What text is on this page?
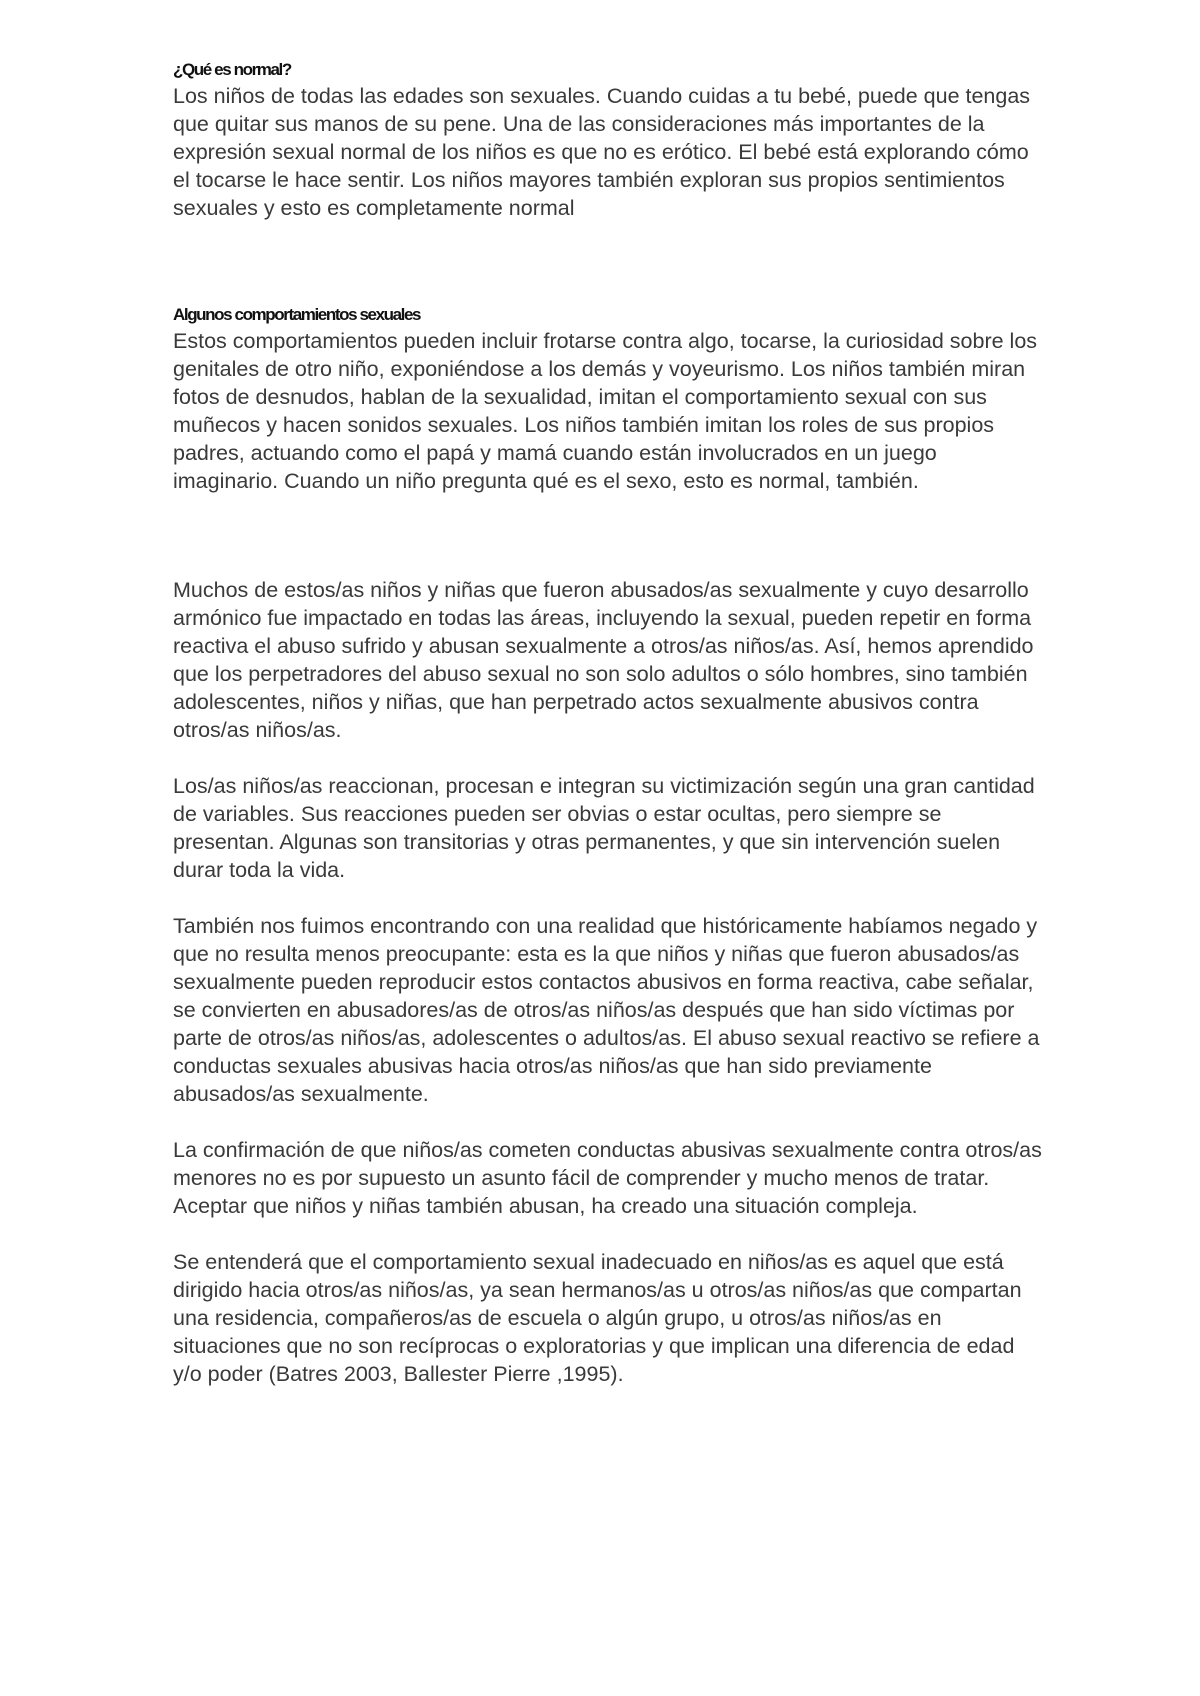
¿Qué es normal?

Los niños de todas las edades son sexuales. Cuando cuidas a tu bebé, puede que tengas que quitar sus manos de su pene. Una de las consideraciones más importantes de la expresión sexual normal de los niños es que no es erótico. El bebé está explorando cómo el tocarse le hace sentir. Los niños mayores también exploran sus propios sentimientos sexuales y esto es completamente normal

Algunos comportamientos sexuales

Estos comportamientos pueden incluir frotarse contra algo, tocarse, la curiosidad sobre los genitales de otro niño, exponiéndose a los demás y voyeurismo. Los niños también miran fotos de desnudos, hablan de la sexualidad, imitan el comportamiento sexual con sus muñecos y hacen sonidos sexuales. Los niños también imitan los roles de sus propios padres, actuando como el papá y mamá cuando están involucrados en un juego imaginario. Cuando un niño pregunta qué es el sexo, esto es normal, también.

Muchos de estos/as niños y niñas que fueron abusados/as sexualmente y cuyo desarrollo armónico fue impactado en todas las áreas, incluyendo la sexual, pueden repetir en forma reactiva el abuso sufrido y abusan sexualmente a otros/as niños/as. Así, hemos aprendido que los perpetradores del abuso sexual no son solo adultos o sólo hombres, sino también adolescentes, niños y niñas, que han perpetrado actos sexualmente abusivos contra otros/as niños/as.

Los/as niños/as reaccionan, procesan e integran su victimización según una gran cantidad de variables. Sus reacciones pueden ser obvias o estar ocultas, pero siempre se presentan. Algunas son transitorias y otras permanentes, y que sin intervención suelen durar toda la vida.

También nos fuimos encontrando con una realidad que históricamente habíamos negado y que no resulta menos preocupante: esta es la que niños y niñas que fueron abusados/as sexualmente pueden reproducir estos contactos abusivos en forma reactiva, cabe señalar, se convierten en abusadores/as de otros/as niños/as después que han sido víctimas por parte de otros/as niños/as, adolescentes o adultos/as. El abuso sexual reactivo se refiere a conductas sexuales abusivas hacia otros/as niños/as que han sido previamente abusados/as sexualmente.

La confirmación de que niños/as cometen conductas abusivas sexualmente contra otros/as menores no es por supuesto un asunto fácil de comprender y mucho menos de tratar. Aceptar que niños y niñas también abusan, ha creado una situación compleja.

Se entenderá que el comportamiento sexual inadecuado en niños/as es aquel que está dirigido hacia otros/as niños/as, ya sean hermanos/as u otros/as niños/as que compartan una residencia, compañeros/as de escuela o algún grupo, u otros/as niños/as en situaciones que no son recíprocas o exploratorias y que implican una diferencia de edad y/o poder (Batres 2003, Ballester Pierre ,1995).
